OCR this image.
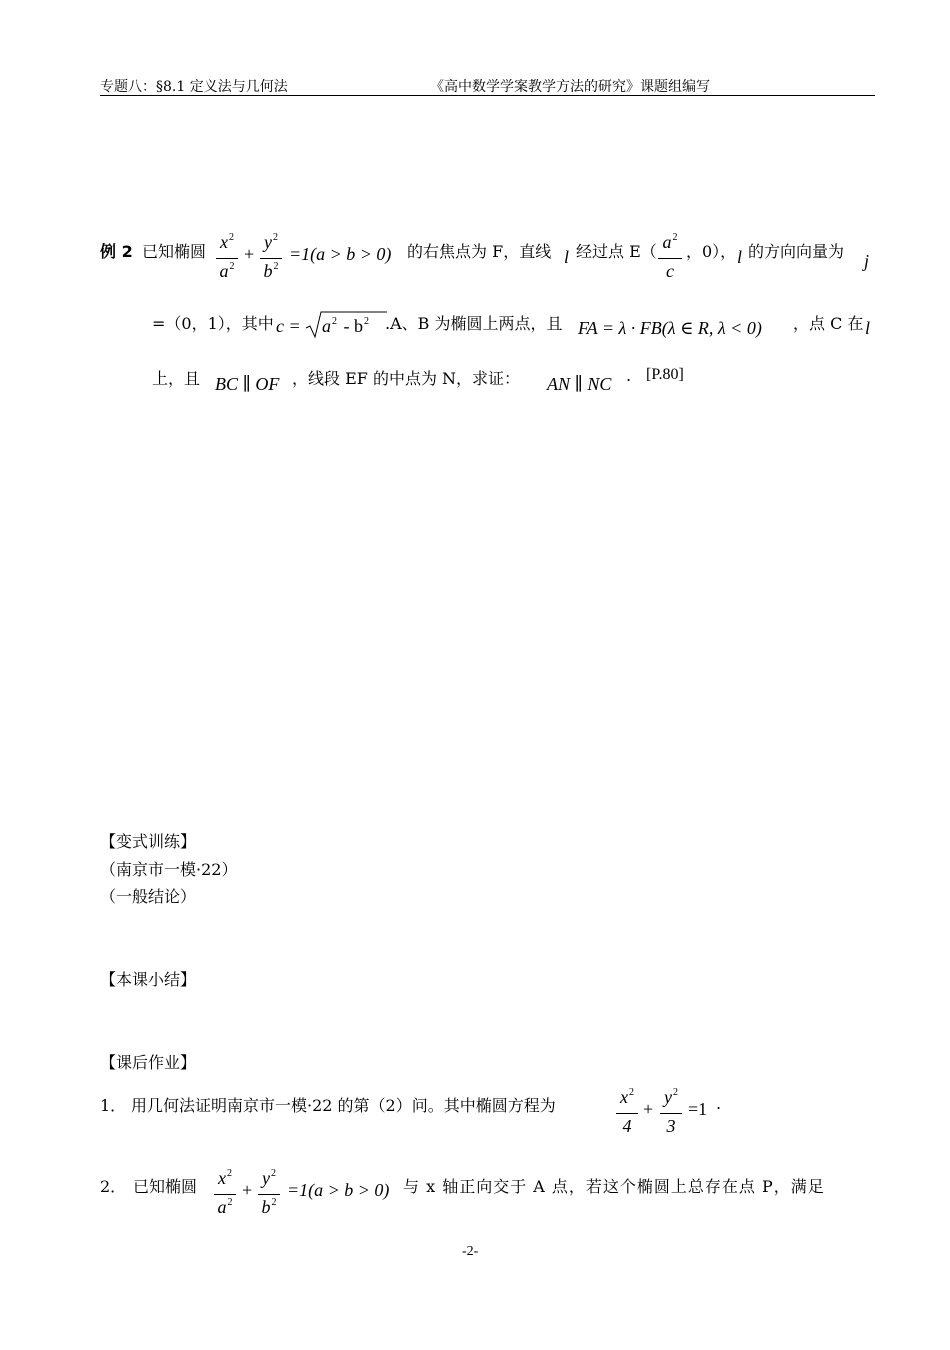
专题八：§8.1 定义法与几何法	《高中数学学案教学方法的研究》课题组编写
例 2 已知椭圆 $x^2$
$a^2$
+
$y^2$
$b^2$
=1(a > b > 0) 的右焦点为 F，直线 l 经过点 E（ $a^2$
c
，0）， l 的方向向量为 j
=（0，1），其中 $c = a^2 - b^2$ .A、B 为椭圆上两点，且 FA = λ · FB(λ ∈ R, λ < 0) ，点 C 在 l
上，且 BC ∥ OF ，线段 EF 的中点为 N，求证： AN ∥ NC . [P.80]
【变式训练】
（南京市一模·22）
（一般结论）
【本课小结】
【课后作业】
1． 用几何法证明南京市一模·22 的第（2）问。其中椭圆方程为	$x^2$
4
+
$y^2$
3
=1 .
2． 已知椭圆 $x^2$
$a^2$
+
$y^2$
$b^2$
=1(a > b > 0) 与 x 轴正向交于 A 点，若这个椭圆上总存在点 P，满足
-2-
